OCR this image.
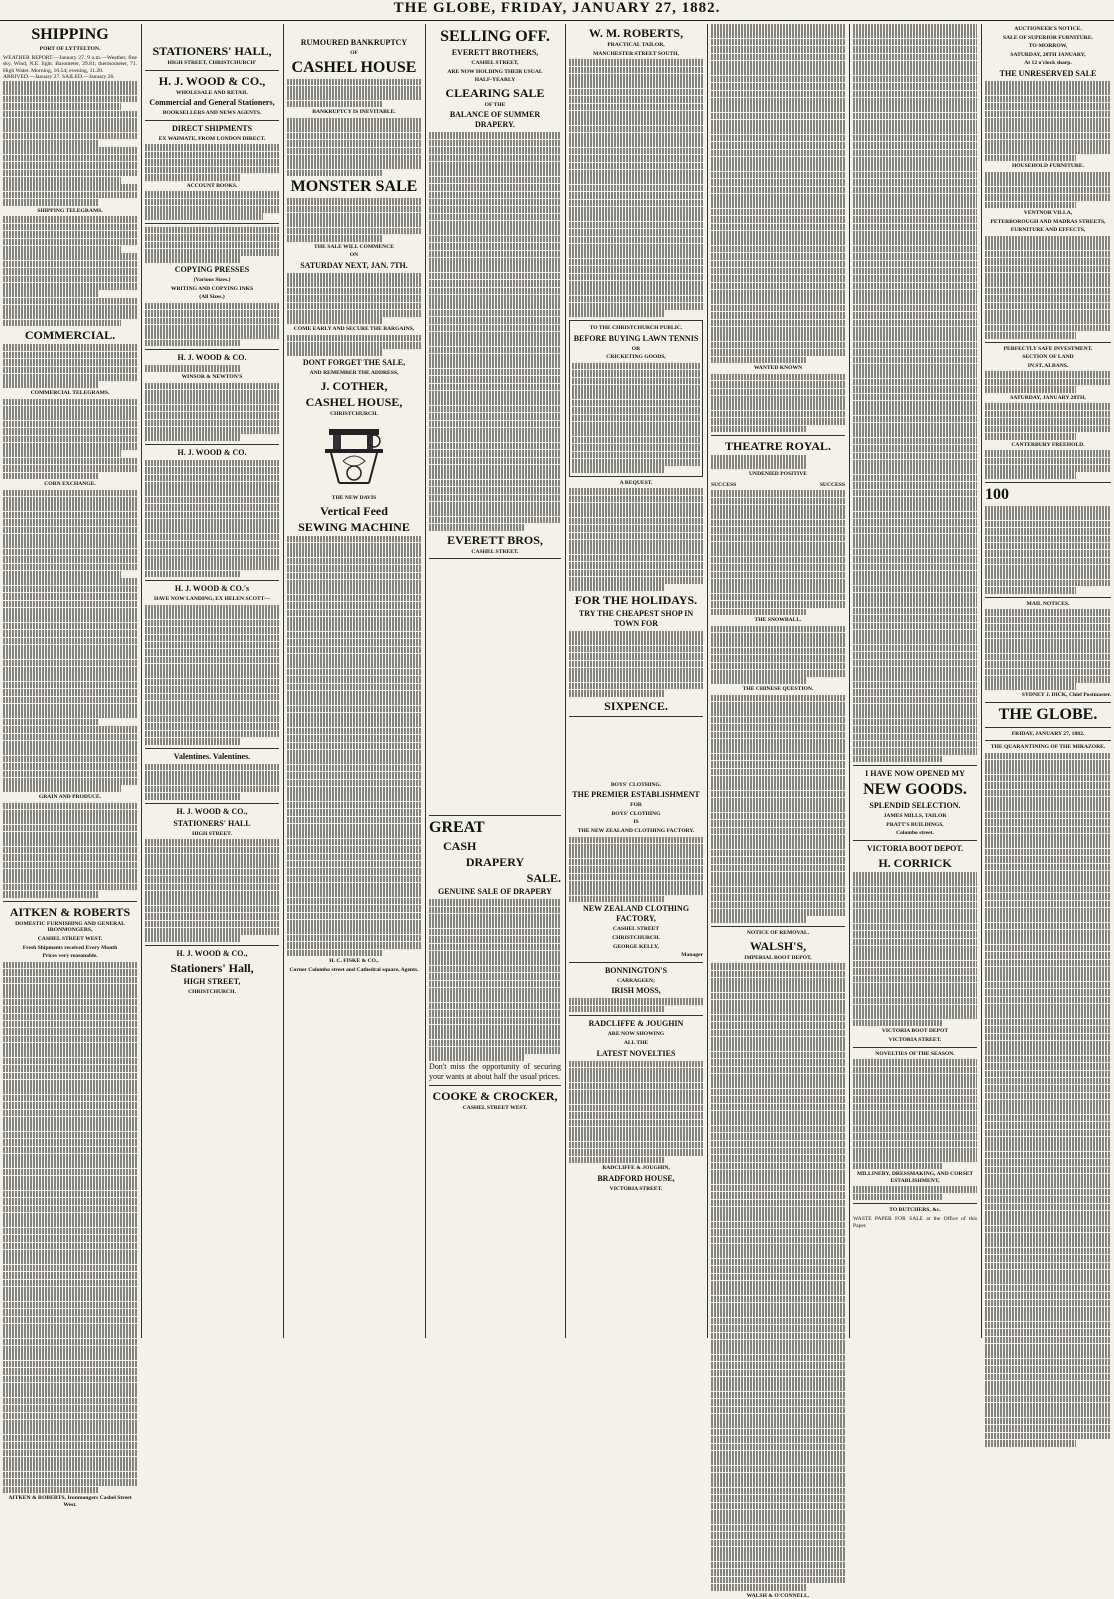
THE GLOBE, FRIDAY, JANUARY 27, 1882.
SHIPPING
PORT OF LYTTELTON.
WEATHER REPORT.—January 27. 9 a.m.—Weather, fine sky. Wind, N.E. light. Barometer, 29.81; thermometer, 71. High Water. Morning, 10.54; evening, 11.20.
ARRIVED.—January 27. SAILED.—January 26.
SHIPPING TELEGRAMS.
COMMERCIAL.
COMMERCIAL TELEGRAMS.
CORN EXCHANGE.
GRAIN AND PRODUCE.
AITKEN & ROBERTS
DOMESTIC FURNISHING AND GENERAL IRONMONGERS,
CASHEL STREET WEST.
Fresh Shipments received Every Month
Prices very reasonable.
AITKEN & ROBERTS, Ironmongers Cashel Street West.
STATIONERS' HALL,
HIGH STREET, CHRISTCHURCH'
H. J. WOOD & CO.,
WHOLESALE AND RETAIL
Commercial and General Stationers,
BOOKSELLERS AND NEWS AGENTS.
DIRECT SHIPMENTS
EX WAIMATE, FROM LONDON DIRECT.
ACCOUNT BOOKS.
COPYING PRESSES
(Various Sizes.)
WRITING AND COPYING INKS
(All Sizes.)
H. J. WOOD & CO.
WINSOR & NEWTON'S
H. J. WOOD & CO.
H. J. WOOD & CO.'s
HAVE NOW LANDING, EX HELEN SCOTT—
Valentines. Valentines.
H. J. WOOD & CO.,
STATIONERS' HALL
HIGH STREET.
H. J. WOOD & CO.,
Stationers' Hall,
HIGH STREET,
CHRISTCHURCH.
RUMOURED BANKRUPTCY
OF
CASHEL HOUSE
BANKRUPTCY IS INEVITABLE.
MONSTER SALE
THE SALE WILL COMMENCE
ON
SATURDAY NEXT, JAN. 7TH.
COME EARLY AND SECURE THE BARGAINS,
DONT FORGET THE SALE,
AND REMEMBER THE ADDRESS,
J. COTHER,
CASHEL HOUSE,
CHRISTCHURCH.
THE NEW DAVIS
Vertical Feed
SEWING MACHINE
H. C. FISKE & CO.,
Corner Colombo street and Cathedral square, Agents.
SELLING OFF.
EVERETT BROTHERS,
CASHEL STREET,
ARE NOW HOLDING THEIR USUAL
HALF-YEARLY
CLEARING SALE
OF THE
BALANCE OF SUMMER DRAPERY.
EVERETT BROS,
CASHEL STREET.
GREAT
CASH
DRAPERY
SALE.
GENUINE SALE OF DRAPERY
Don't miss the opportunity of securing your wants at about half the usual prices.
COOKE & CROCKER,
CASHEL STREET WEST.
W. M. ROBERTS,
PRACTICAL TAILOR,
MANCHESTER STREET SOUTH,
TO THE CHRISTCHURCH PUBLIC.
BEFORE BUYING LAWN TENNIS
OR
CRICKETING GOODS,
A REQUEST.
FOR THE HOLIDAYS.
TRY THE CHEAPEST SHOP IN TOWN FOR
SIXPENCE.
BOYS' CLOTHING.
THE PREMIER ESTABLISHMENT
FOR
BOYS' CLOTHING
IS
THE NEW ZEALAND CLOTHING FACTORY.
NEW ZEALAND CLOTHING FACTORY,
CASHEL STREET
CHRISTCHURCH.
GEORGE KELLY,
Manager
BONNINGTON'S
CARRAGEEN;
IRISH MOSS,
RADCLIFFE & JOUGHIN
ARE NOW SHOWING
ALL THE
LATEST NOVELTIES
RADCLIFFE & JOUGHIN,
BRADFORD HOUSE,
VICTORIA STREET.
WANTED KNOWN
THEATRE ROYAL.
UNDENIED POSITIVE
SUCCESS	SUCCESS
THE SNOWBALL.
THE CHINESE QUESTION.
NOTICE OF REMOVAL.
WALSH'S,
IMPERIAL BOOT DEPOT,
WALSH & O'CONNELL.
I HAVE NOW OPENED MY
NEW GOODS.
SPLENDID SELECTION.
JAMES MILLS, TAILOR
PRATT'S BUILDINGS,
Colombo street.
VICTORIA BOOT DEPOT.
H. CORRICK
VICTORIA BOOT DEPOT
VICTORIA STREET.
NOVELTIES OF THE SEASON.
MILLINERY, DRESSMAKING, AND CORSET ESTABLISHMENT,
TO BUTCHERS, &c.
WASTE PAPER FOR SALE at the Office of this Paper.
AUCTIONEER'S NOTICE.
SALE OF SUPERIOR FURNITURE.
TO-MORROW,
SATURDAY, 28TH JANUARY,
At 12 o'clock sharp.
THE UNRESERVED SALE
HOUSEHOLD FURNITURE.
VENTNOR VILLA,
PETERBOROUGH AND MADRAS STREETS,
FURNITURE AND EFFECTS,
PERFECTLY SAFE INVESTMENT.
SECTION OF LAND
IN ST. ALBANS.
SATURDAY, JANUARY 28TH,
CANTERBURY FREEHOLD.
100
MAIL NOTICES.
SYDNEY J. DICK, Chief Postmaster.
THE GLOBE.
FRIDAY, JANUARY 27, 1882.
THE QUARANTINING OF THE MIRAZORE.
